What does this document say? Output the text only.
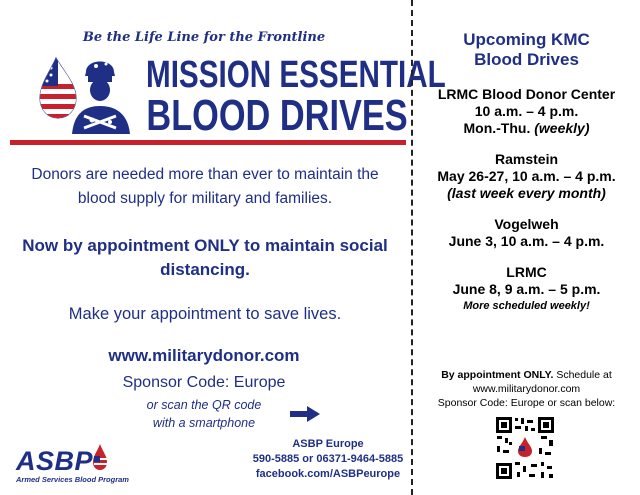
Be the Life Line for the Frontline
MISSION ESSENTIAL
BLOOD DRIVES
Donors are needed more than ever to maintain the blood supply for military and families.
Now by appointment ONLY to maintain social distancing.
Make your appointment to save lives.
www.militarydonor.com
Sponsor Code: Europe
or scan the QR code
with a smartphone
ASBP
Armed Services Blood Program
ASBP Europe
590-5885 or 06371-9464-5885
facebook.com/ASBPeurope
Upcoming KMC
Blood Drives
LRMC Blood Donor Center
10 a.m. – 4 p.m.
Mon.-Thu. (weekly)
Ramstein
May 26-27, 10 a.m. – 4 p.m.
(last week every month)
Vogelweh
June 3, 10 a.m. – 4 p.m.
LRMC
June 8, 9 a.m. – 5 p.m.
More scheduled weekly!
By appointment ONLY. Schedule at
www.militarydonor.com
Sponsor Code: Europe or scan below:
